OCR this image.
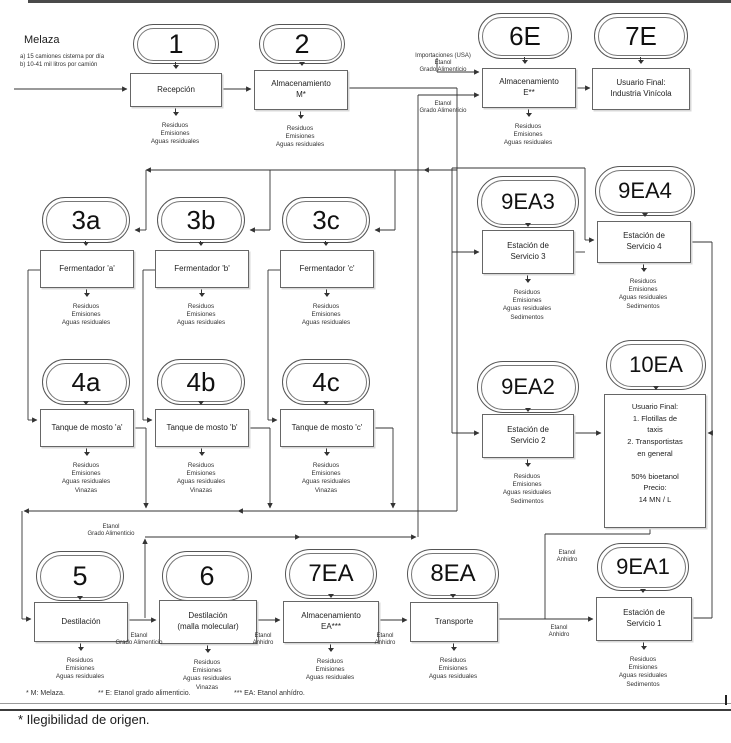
Melaza
a) 15 camiones cisterna por día
b) 10-41 mil litros por camión
1
Recepción
Residuos
Emisiones
Aguas residuales
2
Almacenamiento
M*
Residuos
Emisiones
Aguas residuales
6E
Almacenamiento
E**
Residuos
Emisiones
Aguas residuales
7E
Usuario Final:
Industria Vinícola
3a
Fermentador 'a'
Residuos
Emisiones
Aguas residuales
3b
Fermentador 'b'
Residuos
Emisiones
Aguas residuales
3c
Fermentador 'c'
Residuos
Emisiones
Aguas residuales
9EA3
Estación de
Servicio 3
Residuos
Emisiones
Aguas residuales
Sedimentos
9EA4
Estación de
Servicio 4
Residuos
Emisiones
Aguas residuales
Sedimentos
4a
Tanque de mosto 'a'
Residuos
Emisiones
Aguas residuales
Vinazas
4b
Tanque de mosto 'b'
Residuos
Emisiones
Aguas residuales
Vinazas
4c
Tanque de mosto 'c'
Residuos
Emisiones
Aguas residuales
Vinazas
9EA2
Estación de
Servicio 2
Residuos
Emisiones
Aguas residuales
Sedimentos
10EA
Usuario Final:
1. Flotillas de
taxis
2. Transportistas
en general

50% bioetanol
Precio:
14 MN / L
5
Destilación
Residuos
Emisiones
Aguas residuales
6
Destilación
(malla molecular)
Residuos
Emisiones
Aguas residuales
Vinazas
7EA
Almacenamiento
EA***
Residuos
Emisiones
Aguas residuales
8EA
Transporte
Residuos
Emisiones
Aguas residuales
9EA1
Estación de
Servicio 1
Residuos
Emisiones
Aguas residuales
Sedimentos
Importaciones (USA)
Etanol
Grado Alimenticio
Etanol
Grado Alimenticio
Etanol
Grado Alimenticio
Etanol
Grado Alimenticio
Etanol
Anhidro
Etanol
Anhidro
Etanol
Anhidro
Etanol
Anhidro
* M: Melaza.	** E: Etanol grado alimenticio.	*** EA: Etanol anhídro.
* Ilegibilidad de origen.
